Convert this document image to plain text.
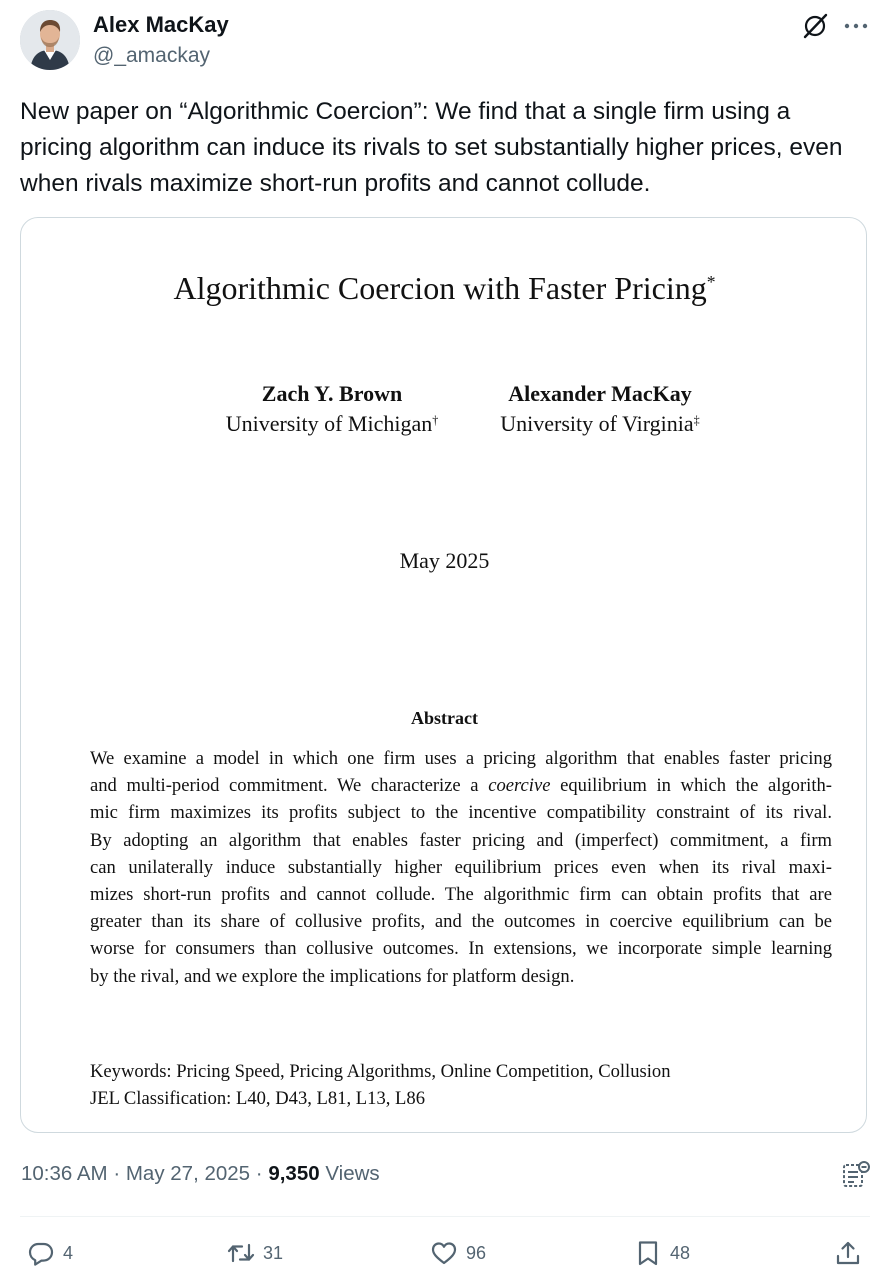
Alex MacKay
@_amackay
New paper on “Algorithmic Coercion”: We find that a single firm using a pricing algorithm can induce its rivals to set substantially higher prices, even when rivals maximize short-run profits and cannot collude.
Algorithmic Coercion with Faster Pricing*
Zach Y. Brown
University of Michigan†
Alexander MacKay
University of Virginia‡
May 2025
Abstract
We examine a model in which one firm uses a pricing algorithm that enables faster pricing
and multi-period commitment. We characterize a coercive equilibrium in which the algorith-
mic firm maximizes its profits subject to the incentive compatibility constraint of its rival.
By adopting an algorithm that enables faster pricing and (imperfect) commitment, a firm
can unilaterally induce substantially higher equilibrium prices even when its rival maxi-
mizes short-run profits and cannot collude. The algorithmic firm can obtain profits that are
greater than its share of collusive profits, and the outcomes in coercive equilibrium can be
worse for consumers than collusive outcomes. In extensions, we incorporate simple learning
by the rival, and we explore the implications for platform design.
Keywords: Pricing Speed, Pricing Algorithms, Online Competition, Collusion
JEL Classification: L40, D43, L81, L13, L86
10:36 AM · May 27, 2025 · 9,350 Views
4	31	96	48
